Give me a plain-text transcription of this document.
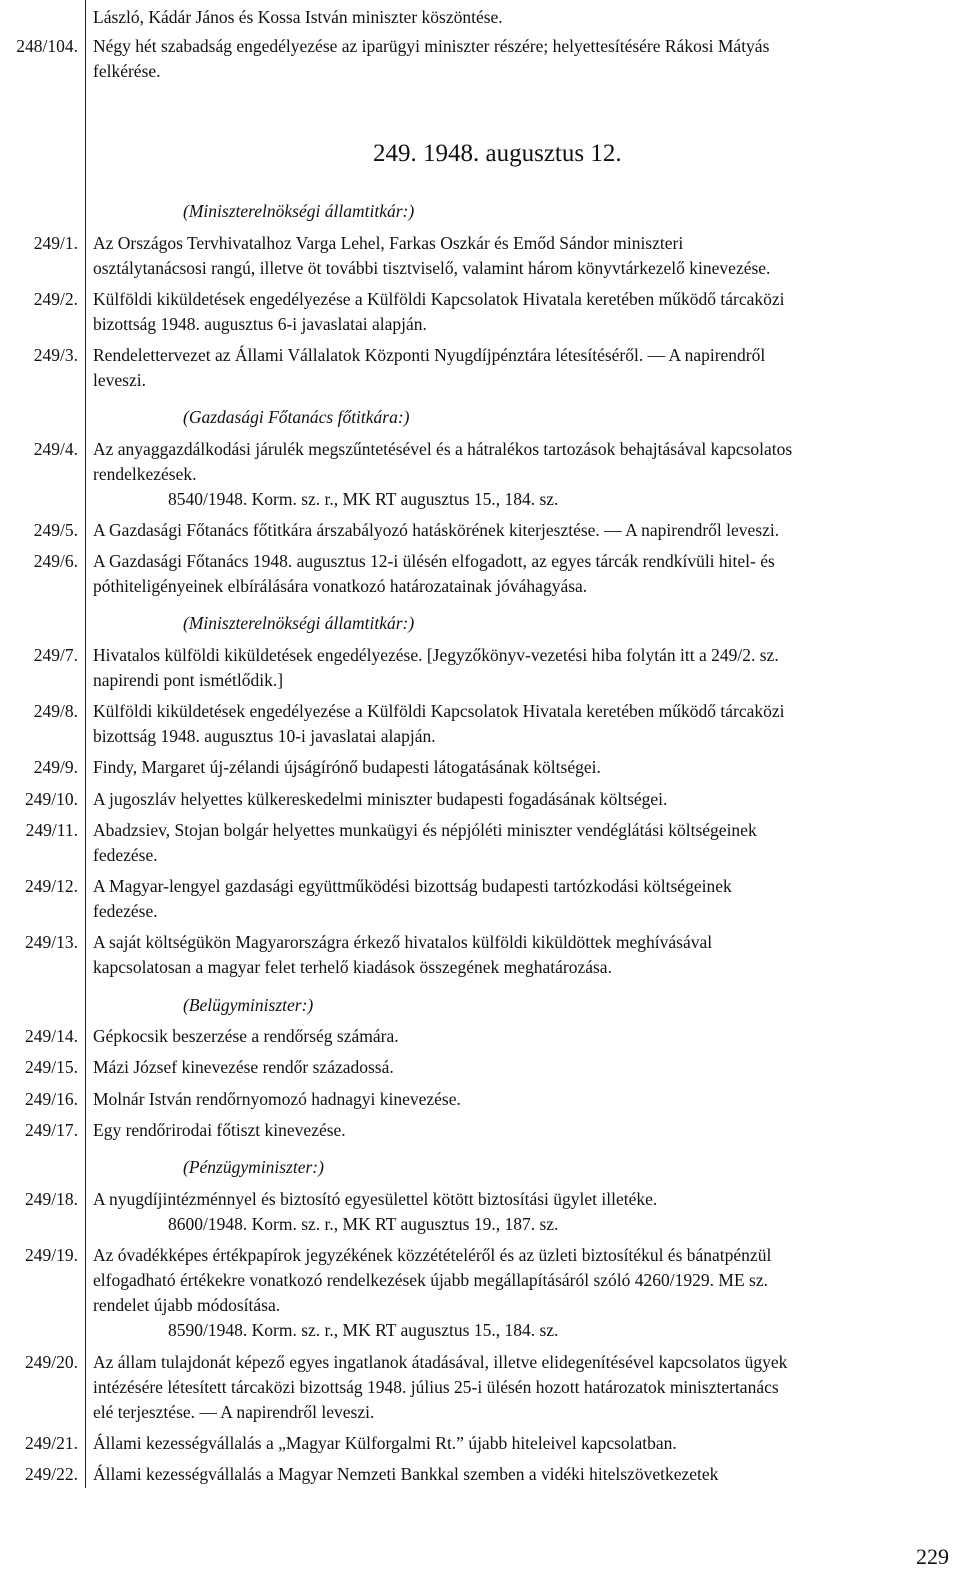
László, Kádár János és Kossa István miniszter köszöntése.
248/104. Négy hét szabadság engedélyezése az iparügyi miniszter részére; helyettesítésére Rákosi Mátyás
felkérése.
249. 1948. augusztus 12.
(Miniszterelnökségi államtitkár:)
249/1. Az Országos Tervhivatalhoz Varga Lehel, Farkas Oszkár és Emőd Sándor miniszteri
osztálytanácsosi rangú, illetve öt további tisztviselő, valamint három könyvtárkezelő kinevezése.
249/2. Külföldi kiküldetések engedélyezése a Külföldi Kapcsolatok Hivatala keretében működő tárcaközi
bizottság 1948. augusztus 6-i javaslatai alapján.
249/3. Rendelettervezet az Állami Vállalatok Központi Nyugdíjpénztára létesítéséről. — A napirendről
leveszi.
(Gazdasági Főtanács főtitkára:)
249/4. Az anyaggazdálkodási járulék megszűntetésével és a hátralékos tartozások behajtásával kapcsolatos
rendelkezések.
8540/1948. Korm. sz. r., MK RT augusztus 15., 184. sz.
249/5. A Gazdasági Főtanács főtitkára árszabályozó hatáskörének kiterjesztése. — A napirendről leveszi.
249/6. A Gazdasági Főtanács 1948. augusztus 12-i ülésén elfogadott, az egyes tárcák rendkívüli hitel- és
póthiteligényeinek elbírálására vonatkozó határozatainak jóváhagyása.
(Miniszterelnökségi államtitkár:)
249/7. Hivatalos külföldi kiküldetések engedélyezése. [Jegyzőkönyv-vezetési hiba folytán itt a 249/2. sz.
napirendi pont ismétlődik.]
249/8. Külföldi kiküldetések engedélyezése a Külföldi Kapcsolatok Hivatala keretében működő tárcaközi
bizottság 1948. augusztus 10-i javaslatai alapján.
249/9. Findy, Margaret új-zélandi újságírónő budapesti látogatásának költségei.
249/10. A jugoszláv helyettes külkereskedelmi miniszter budapesti fogadásának költségei.
249/11. Abadzsiev, Stojan bolgár helyettes munkaügyi és népjóléti miniszter vendéglátási költségeinek
fedezése.
249/12. A Magyar-lengyel gazdasági együttműködési bizottság budapesti tartózkodási költségeinek
fedezése.
249/13. A saját költségükön Magyarországra érkező hivatalos külföldi kiküldöttek meghívásával
kapcsolatosan a magyar felet terhelő kiadások összegének meghatározása.
(Belügyminiszter:)
249/14. Gépkocsik beszerzése a rendőrség számára.
249/15. Mázi József kinevezése rendőr századossá.
249/16. Molnár István rendőrnyomozó hadnagyi kinevezése.
249/17. Egy rendőrirodai főtiszt kinevezése.
(Pénzügyminiszter:)
249/18. A nyugdíjintézménnyel és biztosító egyesülettel kötött biztosítási ügylet illetéke.
8600/1948. Korm. sz. r., MK RT augusztus 19., 187. sz.
249/19. Az óvadékképes értékpapírok jegyzékének közzétételéről és az üzleti biztosítékul és bánatpénzül
elfogadható értékekre vonatkozó rendelkezések újabb megállapításáról szóló 4260/1929. ME sz.
rendelet újabb módosítása.
8590/1948. Korm. sz. r., MK RT augusztus 15., 184. sz.
249/20. Az állam tulajdonát képező egyes ingatlanok átadásával, illetve elidegenítésével kapcsolatos ügyek
intézésére létesített tárcaközi bizottság 1948. július 25-i ülésén hozott határozatok minisztertanács
elé terjesztése. — A napirendről leveszi.
249/21. Állami kezességvállalás a „Magyar Külforgalmi Rt.” újabb hiteleivel kapcsolatban.
249/22. Állami kezességvállalás a Magyar Nemzeti Bankkal szemben a vidéki hitelszövetkezetek
229
